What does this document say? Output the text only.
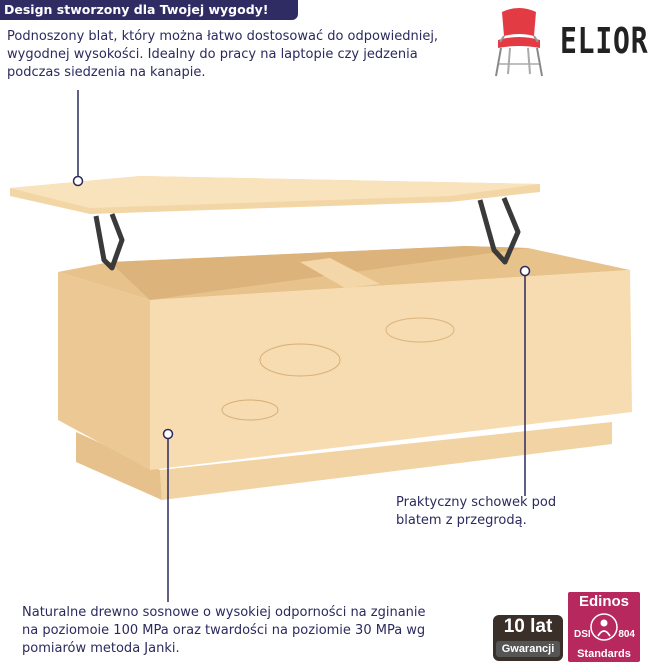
Design stworzony dla Twojej wygody!
Podnoszony blat, który można łatwo dostosować do odpowiedniej, wygodnej wysokości. Idealny do pracy na laptopie czy jedzenia podczas siedzenia na kanapie.
ELIOR
Praktyczny schowek pod blatem z przegrodą.
Naturalne drewno sosnowe o wysokiej odporności na zginanie na poziomoie 100 MPa oraz twardości na poziomie 30 MPa wg pomiarów metoda Janki.
10 lat
Gwarancji
Edinos
DSI	804
Standards
